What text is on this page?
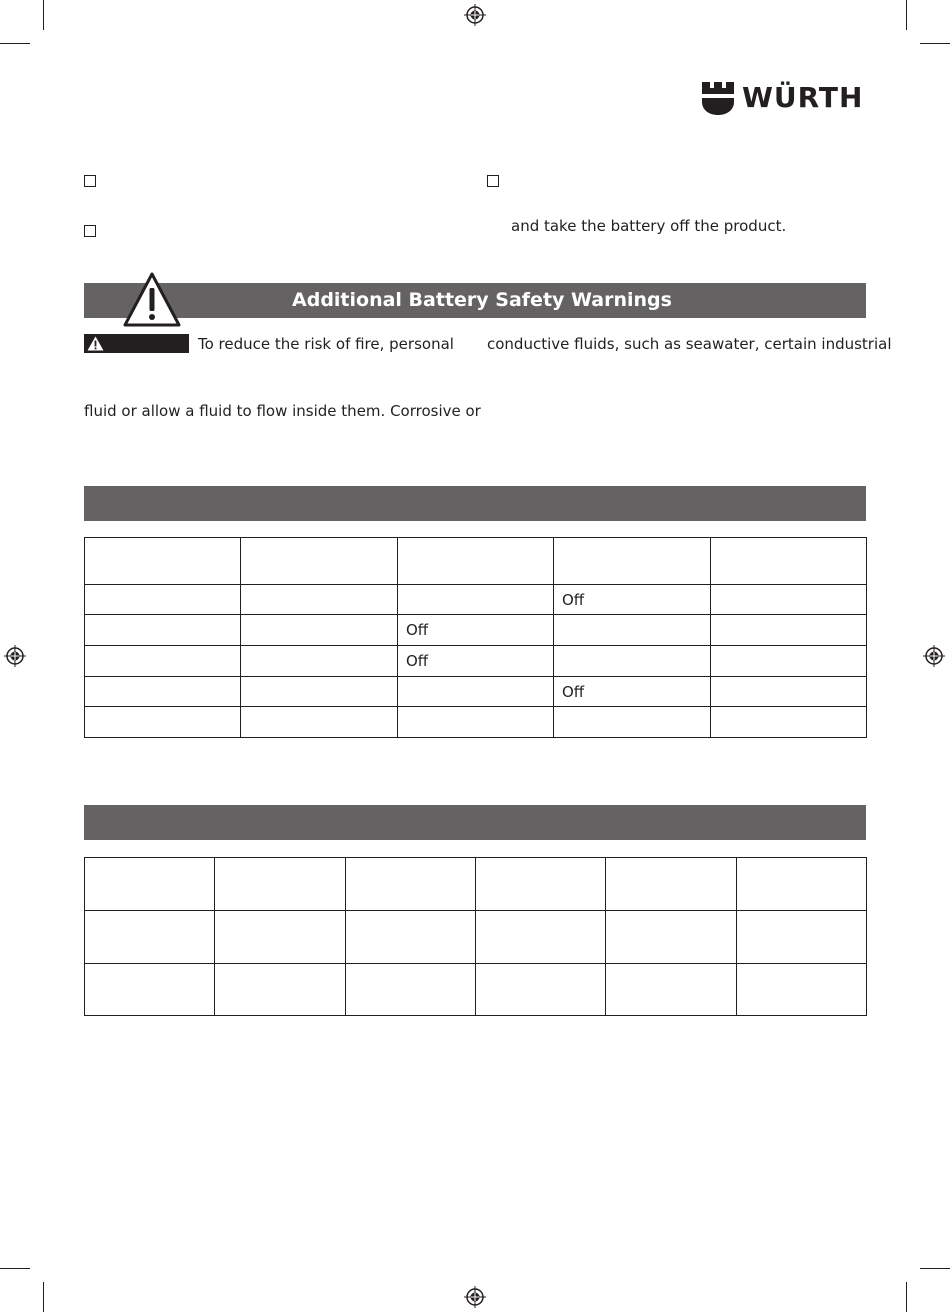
WÜRTH
and take the battery off the product.
Additional Battery Safety Warnings
To reduce the risk of fire, personal conductive fluids, such as seawater, certain industrial
fluid or allow a fluid to flow inside them. Corrosive or

			Off	
		Off		
		Off		
			Off	
